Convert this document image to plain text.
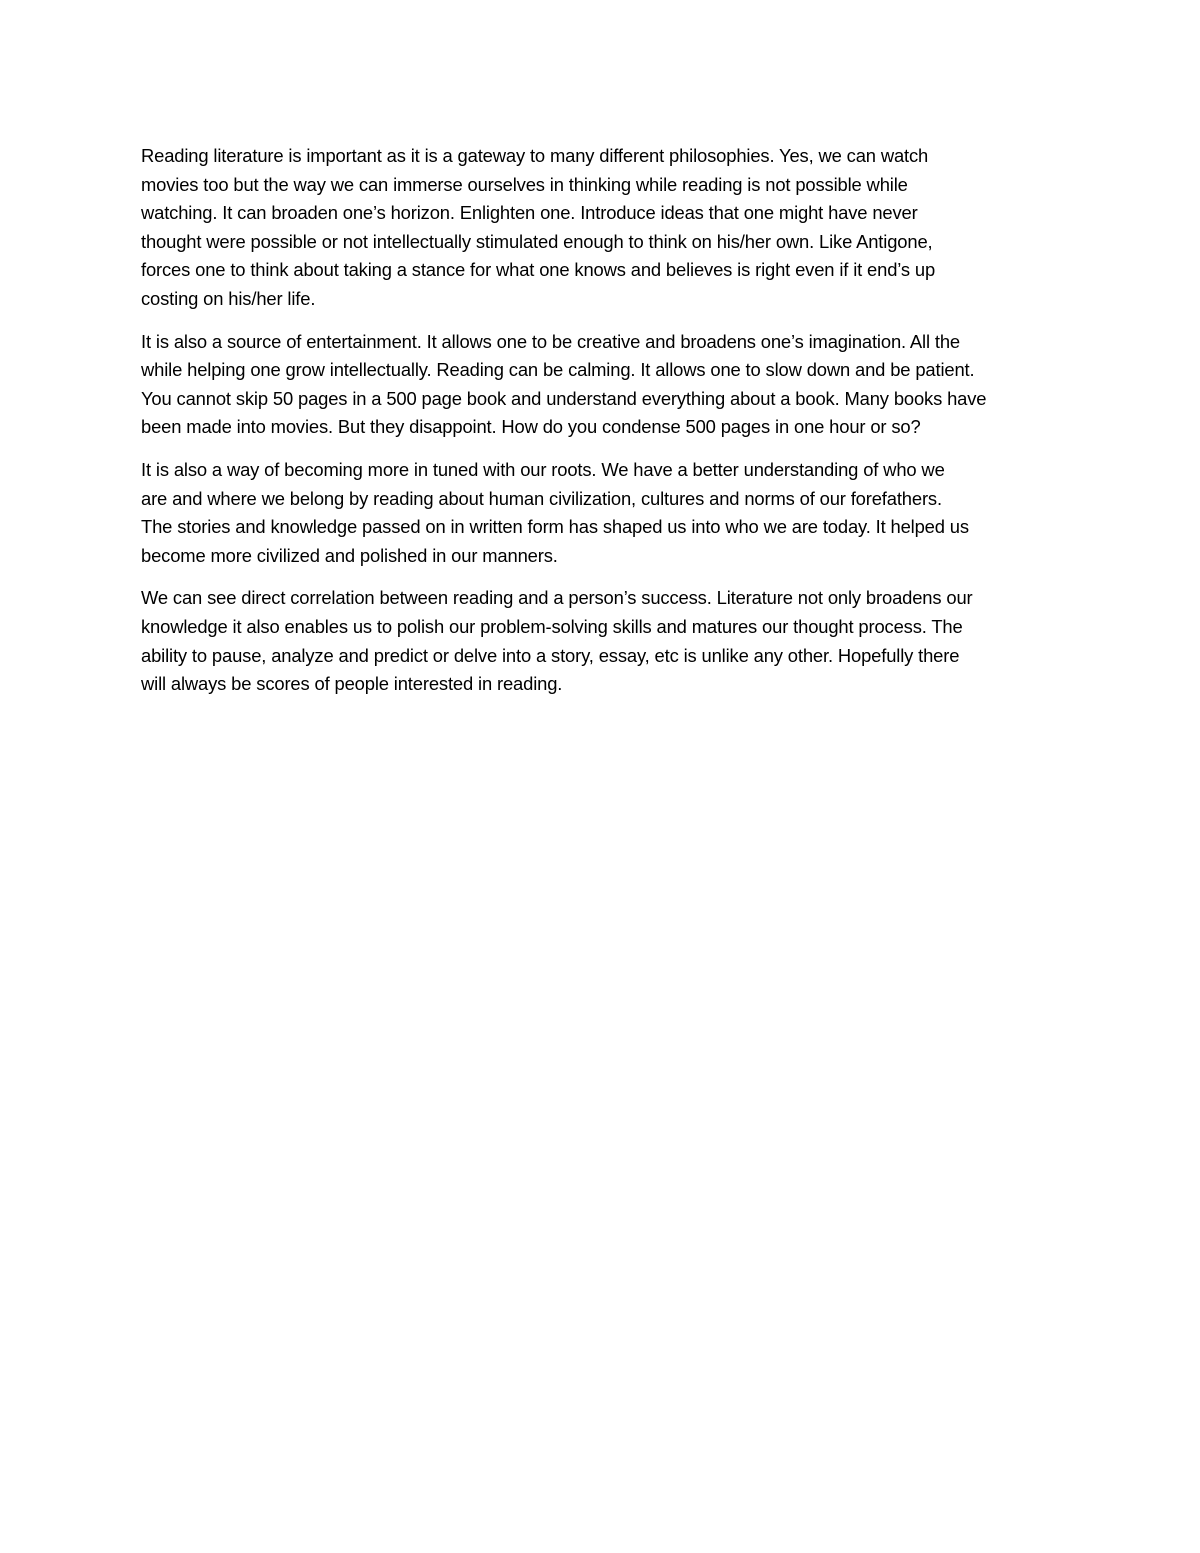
Reading literature is important as it is a gateway to many different philosophies. Yes, we can watch
movies too but the way we can immerse ourselves in thinking while reading is not possible while
watching. It can broaden one’s horizon. Enlighten one. Introduce ideas that one might have never
thought were possible or not intellectually stimulated enough to think on his/her own. Like Antigone,
forces one to think about taking a stance for what one knows and believes is right even if it end’s up
costing on his/her life.

It is also a source of entertainment. It allows one to be creative and broadens one’s imagination. All the
while helping one grow intellectually. Reading can be calming. It allows one to slow down and be patient.
You cannot skip 50 pages in a 500 page book and understand everything about a book. Many books have
been made into movies. But they disappoint. How do you condense 500 pages in one hour or so?

It is also a way of becoming more in tuned with our roots. We have a better understanding of who we
are and where we belong by reading about human civilization, cultures and norms of our forefathers.
The stories and knowledge passed on in written form has shaped us into who we are today. It helped us
become more civilized and polished in our manners.

We can see direct correlation between reading and a person’s success. Literature not only broadens our
knowledge it also enables us to polish our problem-solving skills and matures our thought process. The
ability to pause, analyze and predict or delve into a story, essay, etc is unlike any other. Hopefully there
will always be scores of people interested in reading.
